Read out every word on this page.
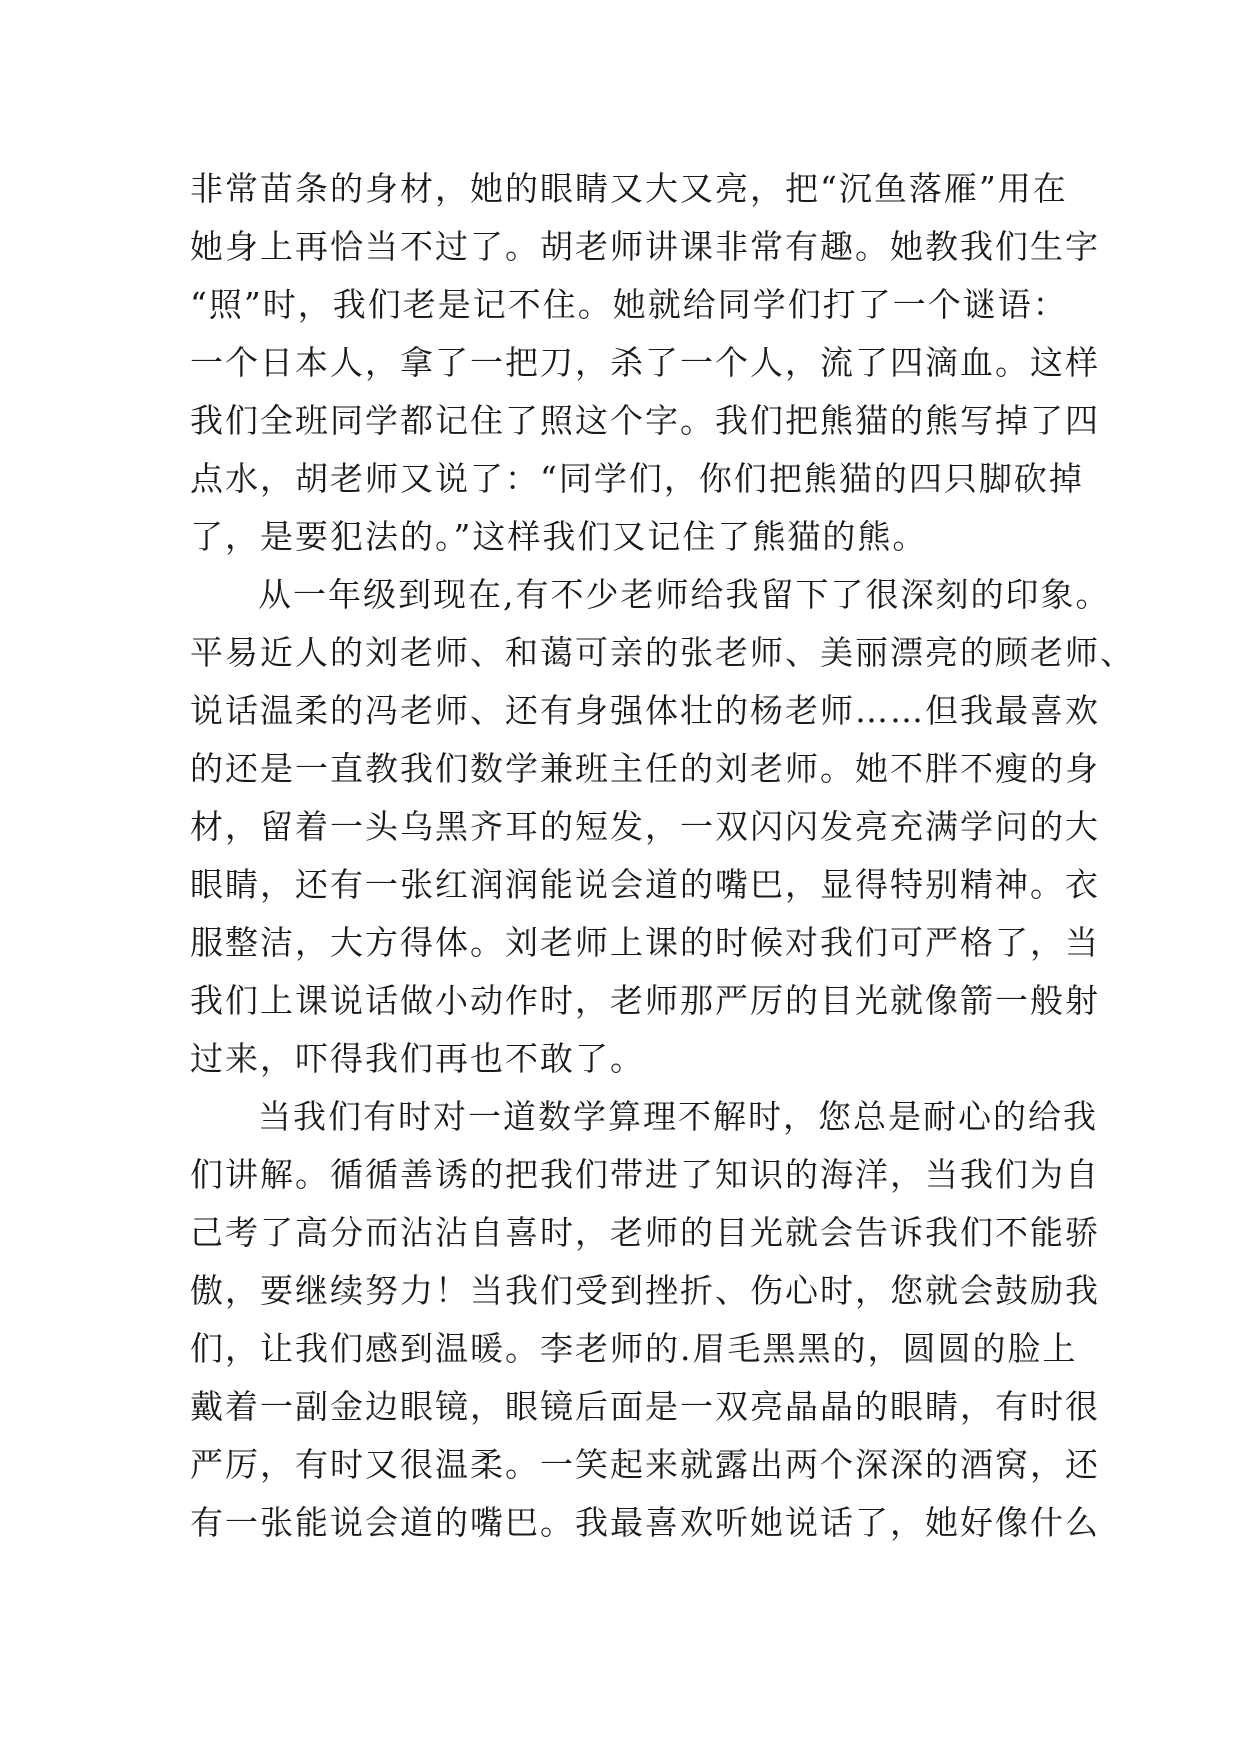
非常苗条的身材，她的眼睛又大又亮，把“沉鱼落雁”用在
她身上再恰当不过了。胡老师讲课非常有趣。她教我们生字
“照”时，我们老是记不住。她就给同学们打了一个谜语：
一个日本人，拿了一把刀，杀了一个人，流了四滴血。这样
我们全班同学都记住了照这个字。我们把熊猫的熊写掉了四
点水，胡老师又说了：“同学们，你们把熊猫的四只脚砍掉
了，是要犯法的。”这样我们又记住了熊猫的熊。
从一年级到现在,有不少老师给我留下了很深刻的印象。
平易近人的刘老师、和蔼可亲的张老师、美丽漂亮的顾老师、
说话温柔的冯老师、还有身强体壮的杨老师……但我最喜欢
的还是一直教我们数学兼班主任的刘老师。她不胖不瘦的身
材，留着一头乌黑齐耳的短发，一双闪闪发亮充满学问的大
眼睛，还有一张红润润能说会道的嘴巴，显得特别精神。衣
服整洁，大方得体。刘老师上课的时候对我们可严格了，当
我们上课说话做小动作时，老师那严厉的目光就像箭一般射
过来，吓得我们再也不敢了。
当我们有时对一道数学算理不解时，您总是耐心的给我
们讲解。循循善诱的把我们带进了知识的海洋，当我们为自
己考了高分而沾沾自喜时，老师的目光就会告诉我们不能骄
傲，要继续努力！当我们受到挫折、伤心时，您就会鼓励我
们，让我们感到温暖。李老师的.眉毛黑黑的，圆圆的脸上
戴着一副金边眼镜，眼镜后面是一双亮晶晶的眼睛，有时很
严厉，有时又很温柔。一笑起来就露出两个深深的酒窝，还
有一张能说会道的嘴巴。我最喜欢听她说话了，她好像什么
